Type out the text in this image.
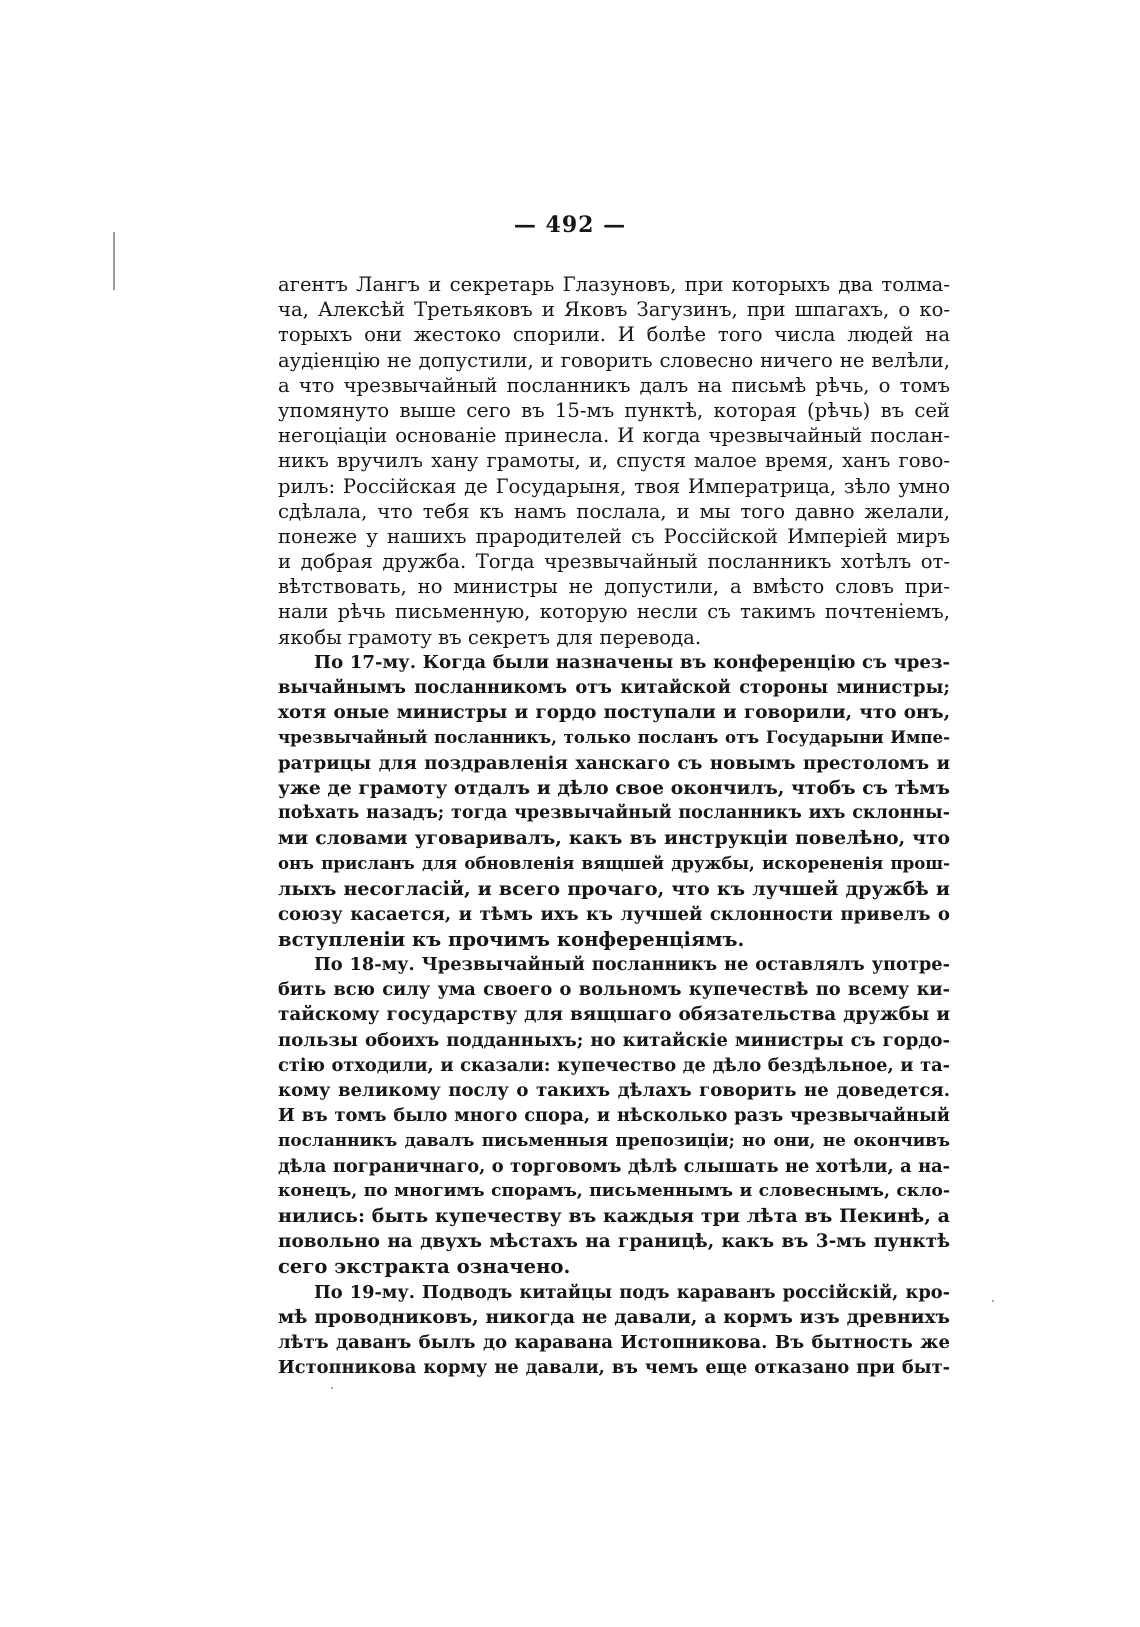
— 492 —
агентъ Лангъ и секретарь Глазуновъ, при которыхъ два толма-
ча, Алексѣй Третьяковъ и Яковъ Загузинъ, при шпагахъ, о ко-
торыхъ они жестоко спорили. И болѣе того числа людей на
аудіенцію не допустили, и говорить словесно ничего не велѣли,
а что чрезвычайный посланникъ далъ на письмѣ рѣчь, о томъ
упомянуто выше сего въ 15-мъ пунктѣ, которая (рѣчь) въ сей
негоціаціи основаніе принесла. И когда чрезвычайный послан-
никъ вручилъ хану грамоты, и, спустя малое время, ханъ гово-
рилъ: Россійская де Государыня, твоя Императрица, зѣло умно
сдѣлала, что тебя къ намъ послала, и мы того давно желали,
понеже у нашихъ прародителей съ Россійской Имперіей миръ
и добрая дружба. Тогда чрезвычайный посланникъ хотѣлъ от-
вѣтствовать, но министры не допустили, а вмѣсто словъ при-
нали рѣчь письменную, которую несли съ такимъ почтеніемъ,
якобы грамоту въ секретъ для перевода.
По 17-му. Когда были назначены въ конференцію съ чрез-
вычайнымъ посланникомъ отъ китайской стороны министры;
хотя оные министры и гордо поступали и говорили, что онъ,
чрезвычайный посланникъ, только посланъ отъ Государыни Импе-
ратрицы для поздравленія ханскаго съ новымъ престоломъ и
уже де грамоту отдалъ и дѣло свое окончилъ, чтобъ съ тѣмъ
поѣхать назадъ; тогда чрезвычайный посланникъ ихъ склонны-
ми словами уговаривалъ, какъ въ инструкціи повелѣно, что
онъ присланъ для обновленія вящшей дружбы, искорененія прош-
лыхъ несогласій, и всего прочаго, что къ лучшей дружбѣ и
союзу касается, и тѣмъ ихъ къ лучшей склонности привелъ о
вступленіи къ прочимъ конференціямъ.
По 18-му. Чрезвычайный посланникъ не оставлялъ употре-
бить всю силу ума своего о вольномъ купечествѣ по всему ки-
тайскому государству для вящшаго обязательства дружбы и
пользы обоихъ подданныхъ; но китайскіе министры съ гордо-
стію отходили, и сказали: купечество де дѣло бездѣльное, и та-
кому великому послу о такихъ дѣлахъ говорить не доведется.
И въ томъ было много спора, и нѣсколько разъ чрезвычайный
посланникъ давалъ письменныя препозиціи; но они, не окончивъ
дѣла пограничнаго, о торговомъ дѣлѣ слышать не хотѣли, а на-
конецъ, по многимъ спорамъ, письменнымъ и словеснымъ, скло-
нились: быть купечеству въ каждыя три лѣта въ Пекинѣ, а
повольно на двухъ мѣстахъ на границѣ, какъ въ 3-мъ пунктѣ
сего экстракта означено.
По 19-му. Подводъ китайцы подъ караванъ россійскій, кро-
мѣ проводниковъ, никогда не давали, а кормъ изъ древнихъ
лѣтъ даванъ былъ до каравана Истопникова. Въ бытность же
Истопникова корму не давали, въ чемъ еще отказано при быт-
